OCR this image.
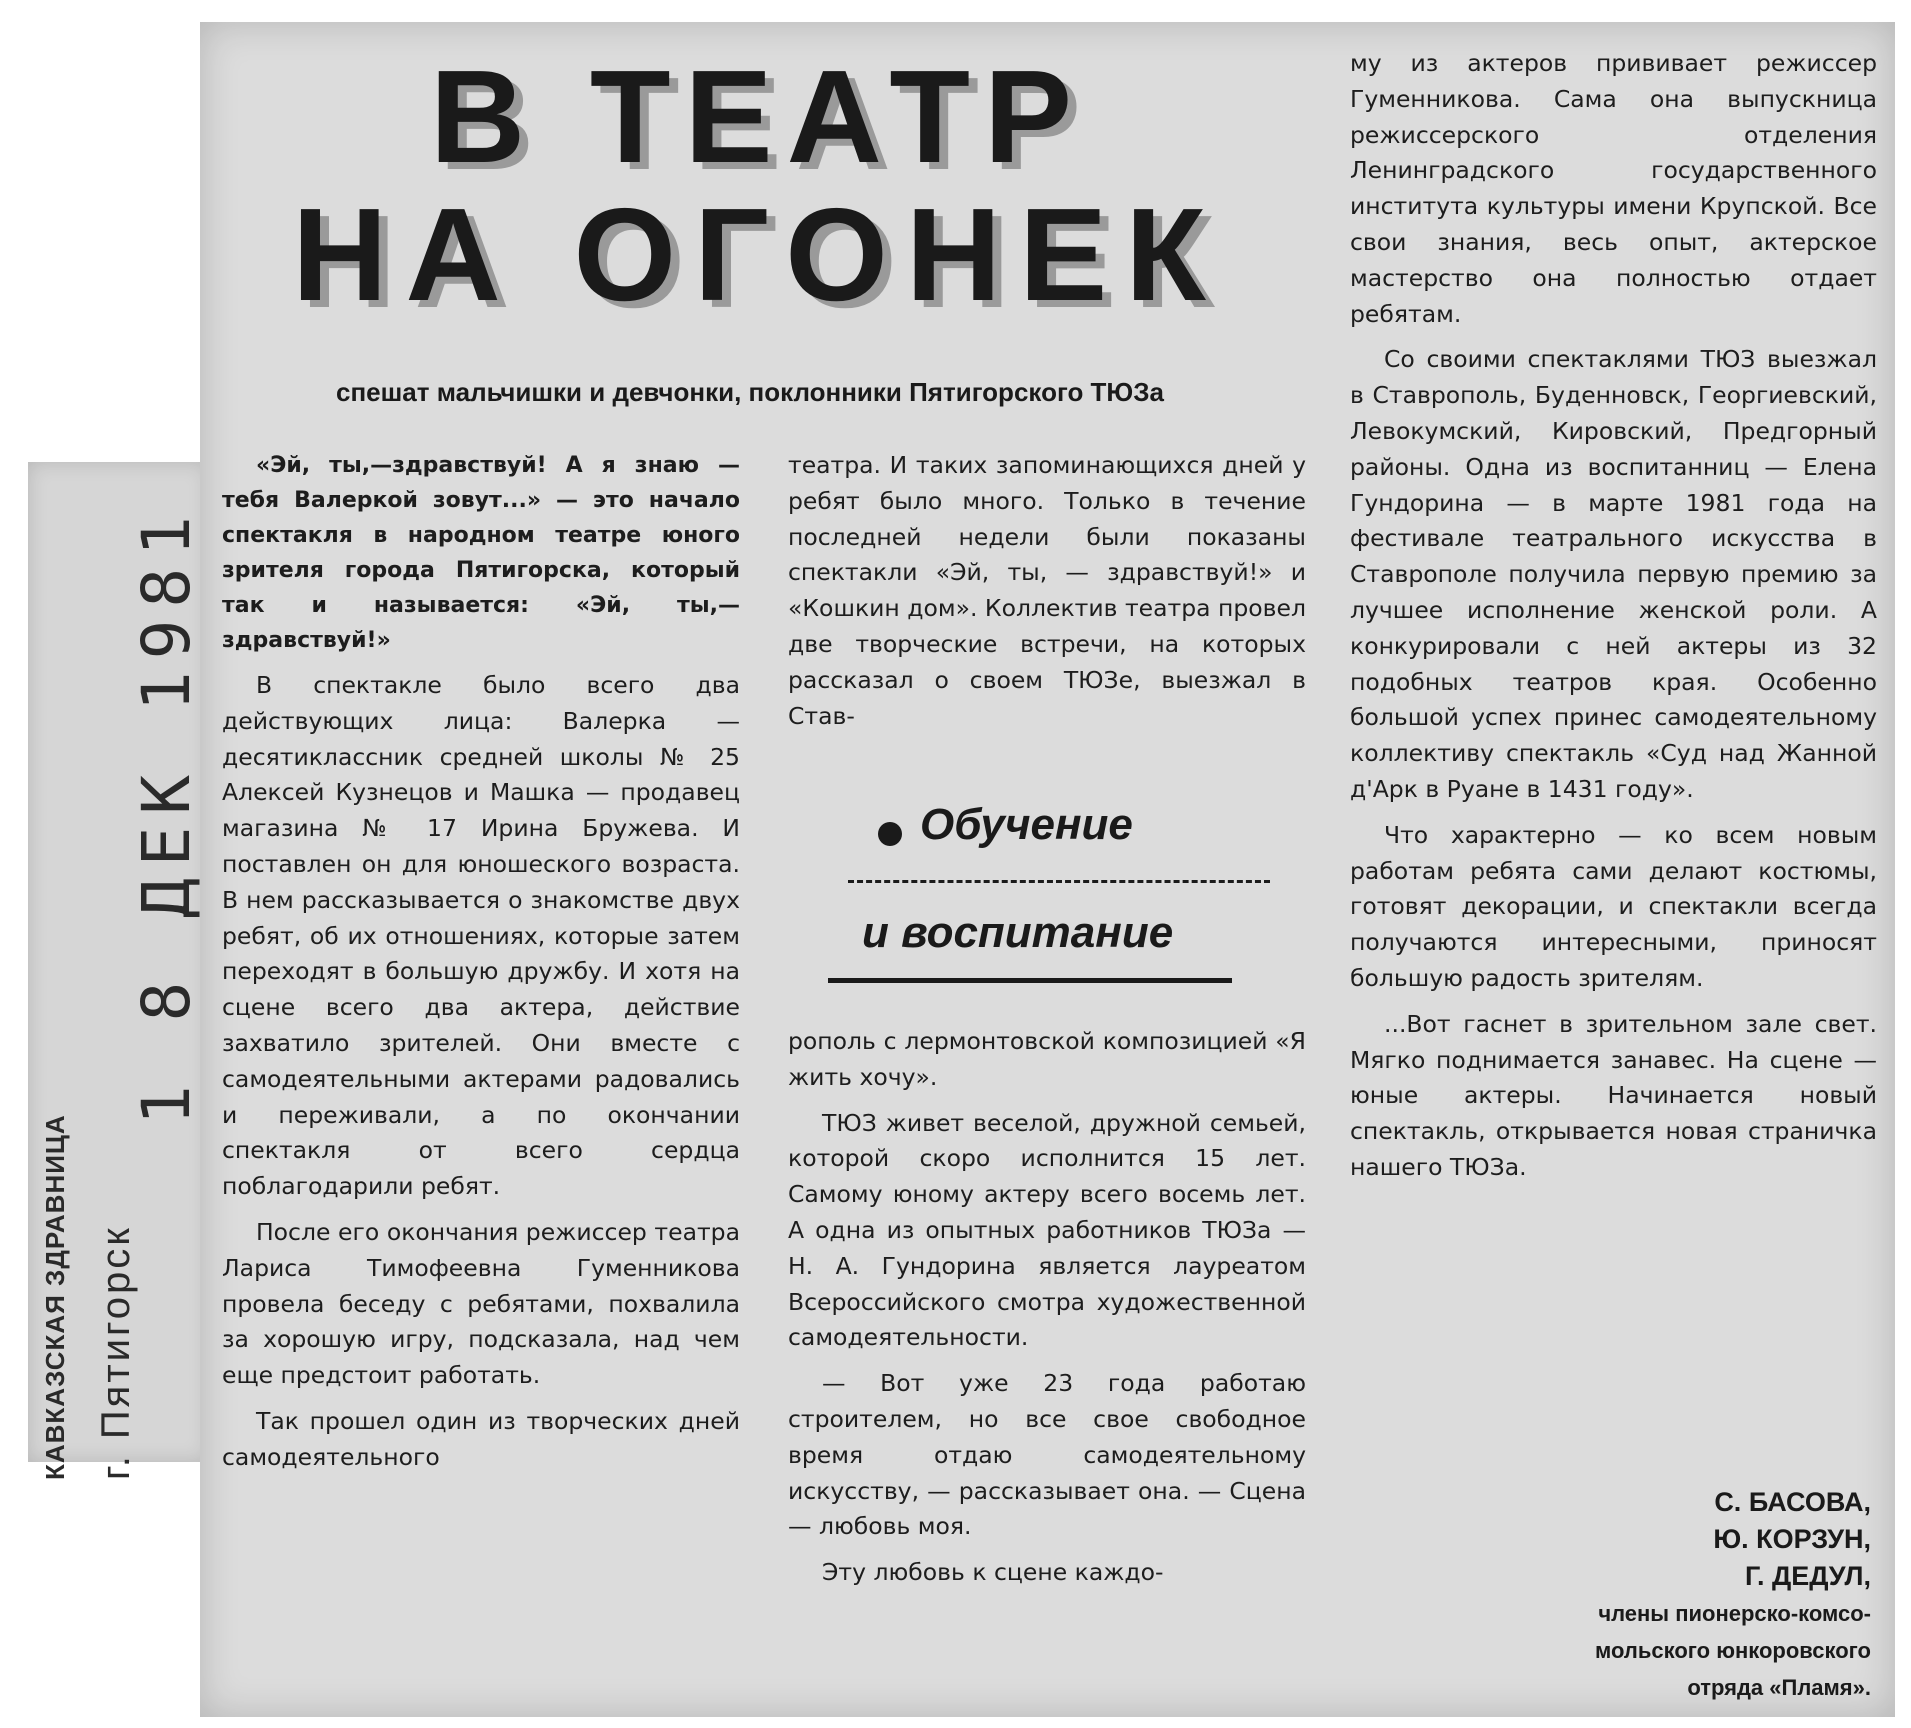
1 8 ДЕК 1981
КАВКАЗСКАЯ ЗДРАВНИЦА г. Пятигорск
В ТЕАТР
НА ОГОНЕК
спешат мальчишки и девчонки, поклонники Пятигорского ТЮЗа

«Эй, ты,—здравствуй! А я знаю — тебя Валеркой зовут...» — это начало спектакля в народном театре юного зрителя города Пятигорска, который так и называется: «Эй, ты,— здравствуй!»

В спектакле было всего два действующих лица: Валерка — десятиклассник средней школы № 25 Алексей Кузнецов и Машка — продавец магазина № 17 Ирина Бружева. И поставлен он для юношеского возраста. В нем рассказывается о знакомстве двух ребят, об их отношениях, которые затем переходят в большую дружбу. И хотя на сцене всего два актера, действие захватило зрителей. Они вместе с самодеятельными актерами радовались и переживали, а по окончании спектакля от всего сердца поблагодарили ребят.

После его окончания режиссер театра Лариса Тимофеевна Гуменникова провела беседу с ребятами, похвалила за хорошую игру, подсказала, над чем еще предстоит работать.

Так прошел один из творческих дней самодеятельного

театра. И таких запоминающихся дней у ребят было много. Только в течение последней недели были показаны спектакли «Эй, ты, — здравствуй!» и «Кошкин дом». Коллектив театра провел две творческие встречи, на которых рассказал о своем ТЮЗе, выезжал в Став-

Обучение
и воспитание

рополь с лермонтовской композицией «Я жить хочу».

ТЮЗ живет веселой, дружной семьей, которой скоро исполнится 15 лет. Самому юному актеру всего восемь лет. А одна из опытных работников ТЮЗа — Н. А. Гундорина является лауреатом Всероссийского смотра художественной самодеятельности.

— Вот уже 23 года работаю строителем, но все свое свободное время отдаю самодеятельному искусству, — рассказывает она. — Сцена — любовь моя.

Эту любовь к сцене каждо-

му из актеров прививает режиссер Гуменникова. Сама она выпускница режиссерского отделения Ленинградского государственного института культуры имени Крупской. Все свои знания, весь опыт, актерское мастерство она полностью отдает ребятам.

Со своими спектаклями ТЮЗ выезжал в Ставрополь, Буденновск, Георгиевский, Левокумский, Кировский, Предгорный районы. Одна из воспитанниц — Елена Гундорина — в марте 1981 года на фестивале театрального искусства в Ставрополе получила первую премию за лучшее исполнение женской роли. А конкурировали с ней актеры из 32 подобных театров края. Особенно большой успех принес самодеятельному коллективу спектакль «Суд над Жанной д'Арк в Руане в 1431 году».

Что характерно — ко всем новым работам ребята сами делают костюмы, готовят декорации, и спектакли всегда получаются интересными, приносят большую радость зрителям.

...Вот гаснет в зрительном зале свет. Мягко поднимается занавес. На сцене — юные актеры. Начинается новый спектакль, открывается новая страничка нашего ТЮЗа.

С. БАСОВА,
Ю. КОРЗУН,
Г. ДЕДУЛ,
члены пионерско-комсо-
мольского юнкоровского
отряда «Пламя».
